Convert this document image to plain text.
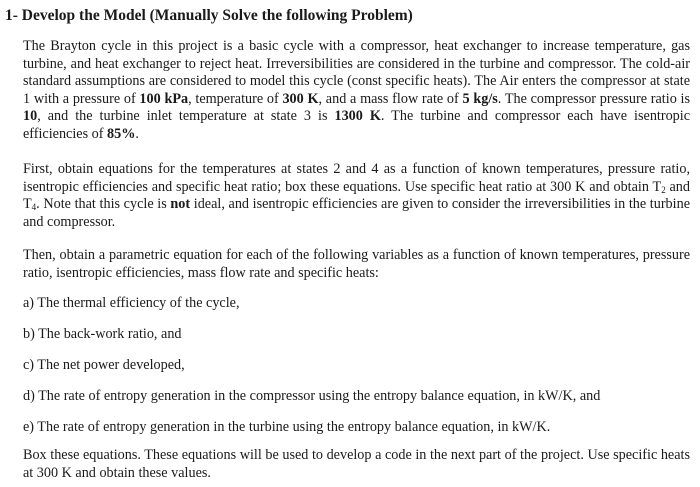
1- Develop the Model (Manually Solve the following Problem)
The Brayton cycle in this project is a basic cycle with a compressor, heat exchanger to increase temperature, gas turbine, and heat exchanger to reject heat. Irreversibilities are considered in the turbine and compressor. The cold-air standard assumptions are considered to model this cycle (const specific heats). The Air enters the compressor at state 1 with a pressure of 100 kPa, temperature of 300 K, and a mass flow rate of 5 kg/s. The compressor pressure ratio is 10, and the turbine inlet temperature at state 3 is 1300 K. The turbine and compressor each have isentropic efficiencies of 85%.
First, obtain equations for the temperatures at states 2 and 4 as a function of known temperatures, pressure ratio, isentropic efficiencies and specific heat ratio; box these equations. Use specific heat ratio at 300 K and obtain $T_2$ and $T_4$. Note that this cycle is not ideal, and isentropic efficiencies are given to consider the irreversibilities in the turbine and compressor.
Then, obtain a parametric equation for each of the following variables as a function of known temperatures, pressure ratio, isentropic efficiencies, mass flow rate and specific heats:
a) The thermal efficiency of the cycle,
b) The back-work ratio, and
c) The net power developed,
d) The rate of entropy generation in the compressor using the entropy balance equation, in kW/K, and
e) The rate of entropy generation in the turbine using the entropy balance equation, in kW/K.
Box these equations. These equations will be used to develop a code in the next part of the project. Use specific heats at 300 K and obtain these values.
